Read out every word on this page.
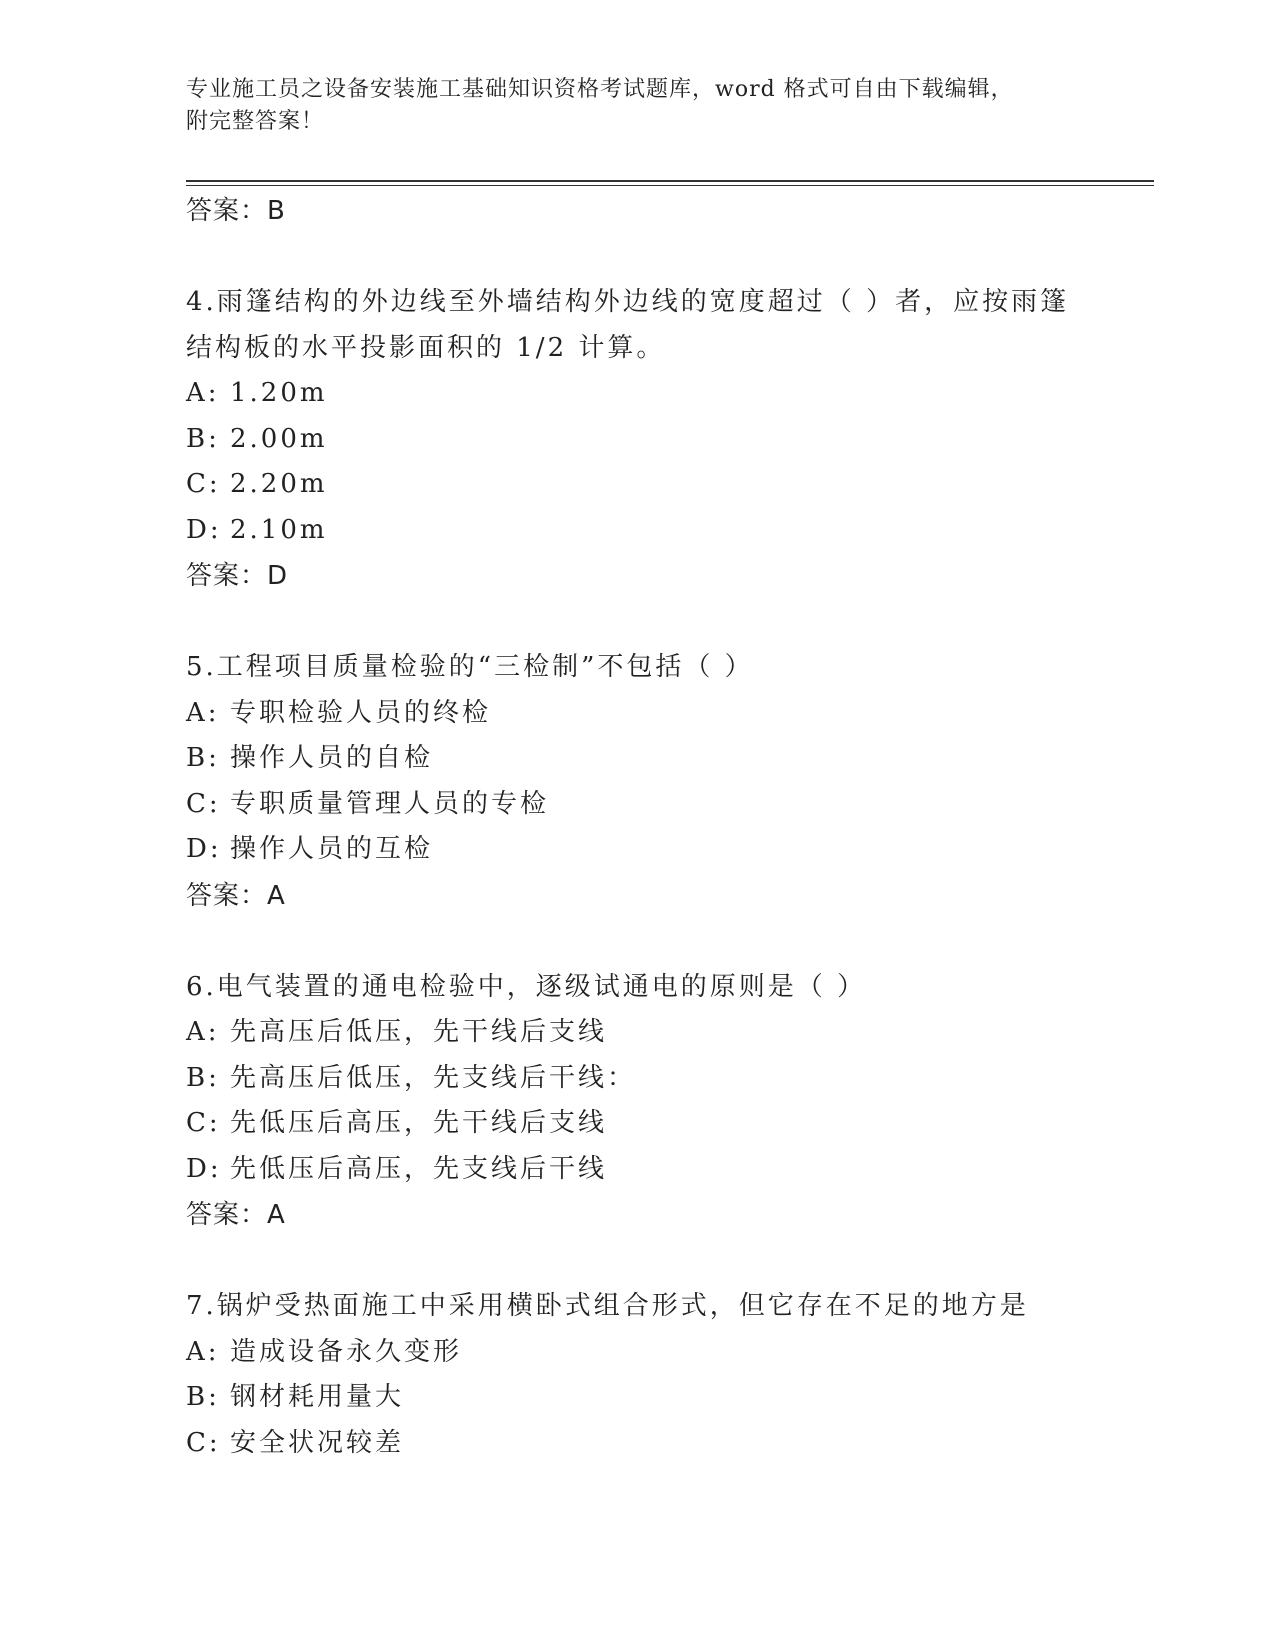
专业施工员之设备安装施工基础知识资格考试题库，word 格式可自由下载编辑，
附完整答案！
答案：B
4.雨篷结构的外边线至外墙结构外边线的宽度超过（ ）者，应按雨篷
结构板的水平投影面积的 1/2 计算。
A: 1.20m
B: 2.00m
C: 2.20m
D: 2.10m
答案：D
5.工程项目质量检验的“三检制”不包括（ ）
A: 专职检验人员的终检
B: 操作人员的自检
C: 专职质量管理人员的专检
D: 操作人员的互检
答案：A
6.电气装置的通电检验中，逐级试通电的原则是（ ）
A: 先高压后低压，先干线后支线
B: 先高压后低压，先支线后干线：
C: 先低压后高压，先干线后支线
D: 先低压后高压，先支线后干线
答案：A
7.锅炉受热面施工中采用横卧式组合形式，但它存在不足的地方是
A: 造成设备永久变形
B: 钢材耗用量大
C: 安全状况较差
